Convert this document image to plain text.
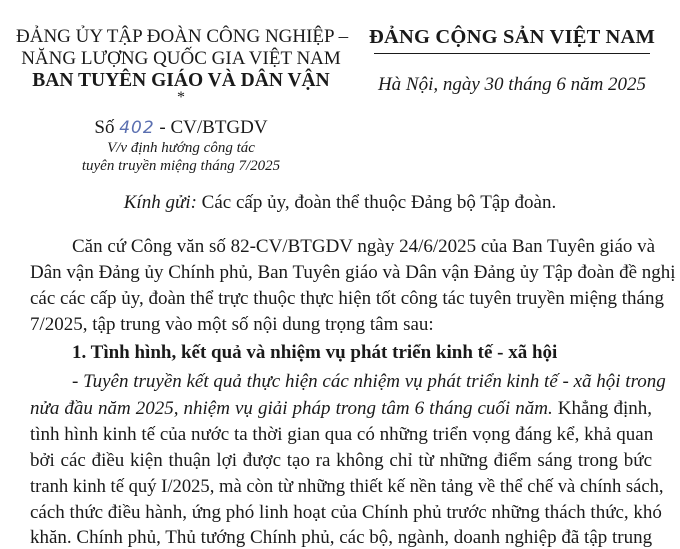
ĐẢNG ỦY TẬP ĐOÀN CÔNG NGHIỆP –
NĂNG LƯỢNG QUỐC GIA VIỆT NAM
BAN TUYÊN GIÁO VÀ DÂN VẬN
*
Số 402 - CV/BTGDV
V/v định hướng công tác
tuyên truyền miệng tháng 7/2025
ĐẢNG CỘNG SẢN VIỆT NAM
Hà Nội, ngày 30 tháng 6 năm 2025
Kính gửi: Các cấp ủy, đoàn thể thuộc Đảng bộ Tập đoàn.
Căn cứ Công văn số 82-CV/BTGDV ngày 24/6/2025 của Ban Tuyên giáo và
Dân vận Đảng ủy Chính phủ, Ban Tuyên giáo và Dân vận Đảng ủy Tập đoàn đề nghị
các các cấp ủy, đoàn thể trực thuộc thực hiện tốt công tác tuyên truyền miệng tháng
7/2025, tập trung vào một số nội dung trọng tâm sau:
1. Tình hình, kết quả và nhiệm vụ phát triển kinh tế - xã hội
- Tuyên truyền kết quả thực hiện các nhiệm vụ phát triển kinh tế - xã hội trong
nửa đầu năm 2025, nhiệm vụ giải pháp trong tâm 6 tháng cuối năm. Khẳng định,
tình hình kinh tế của nước ta thời gian qua có những triển vọng đáng kể, khả quan
bởi các điều kiện thuận lợi được tạo ra không chỉ từ những điểm sáng trong bức
tranh kinh tế quý I/2025, mà còn từ những thiết kế nền tảng về thể chế và chính sách,
cách thức điều hành, ứng phó linh hoạt của Chính phủ trước những thách thức, khó
khăn. Chính phủ, Thủ tướng Chính phủ, các bộ, ngành, doanh nghiệp đã tập trung
